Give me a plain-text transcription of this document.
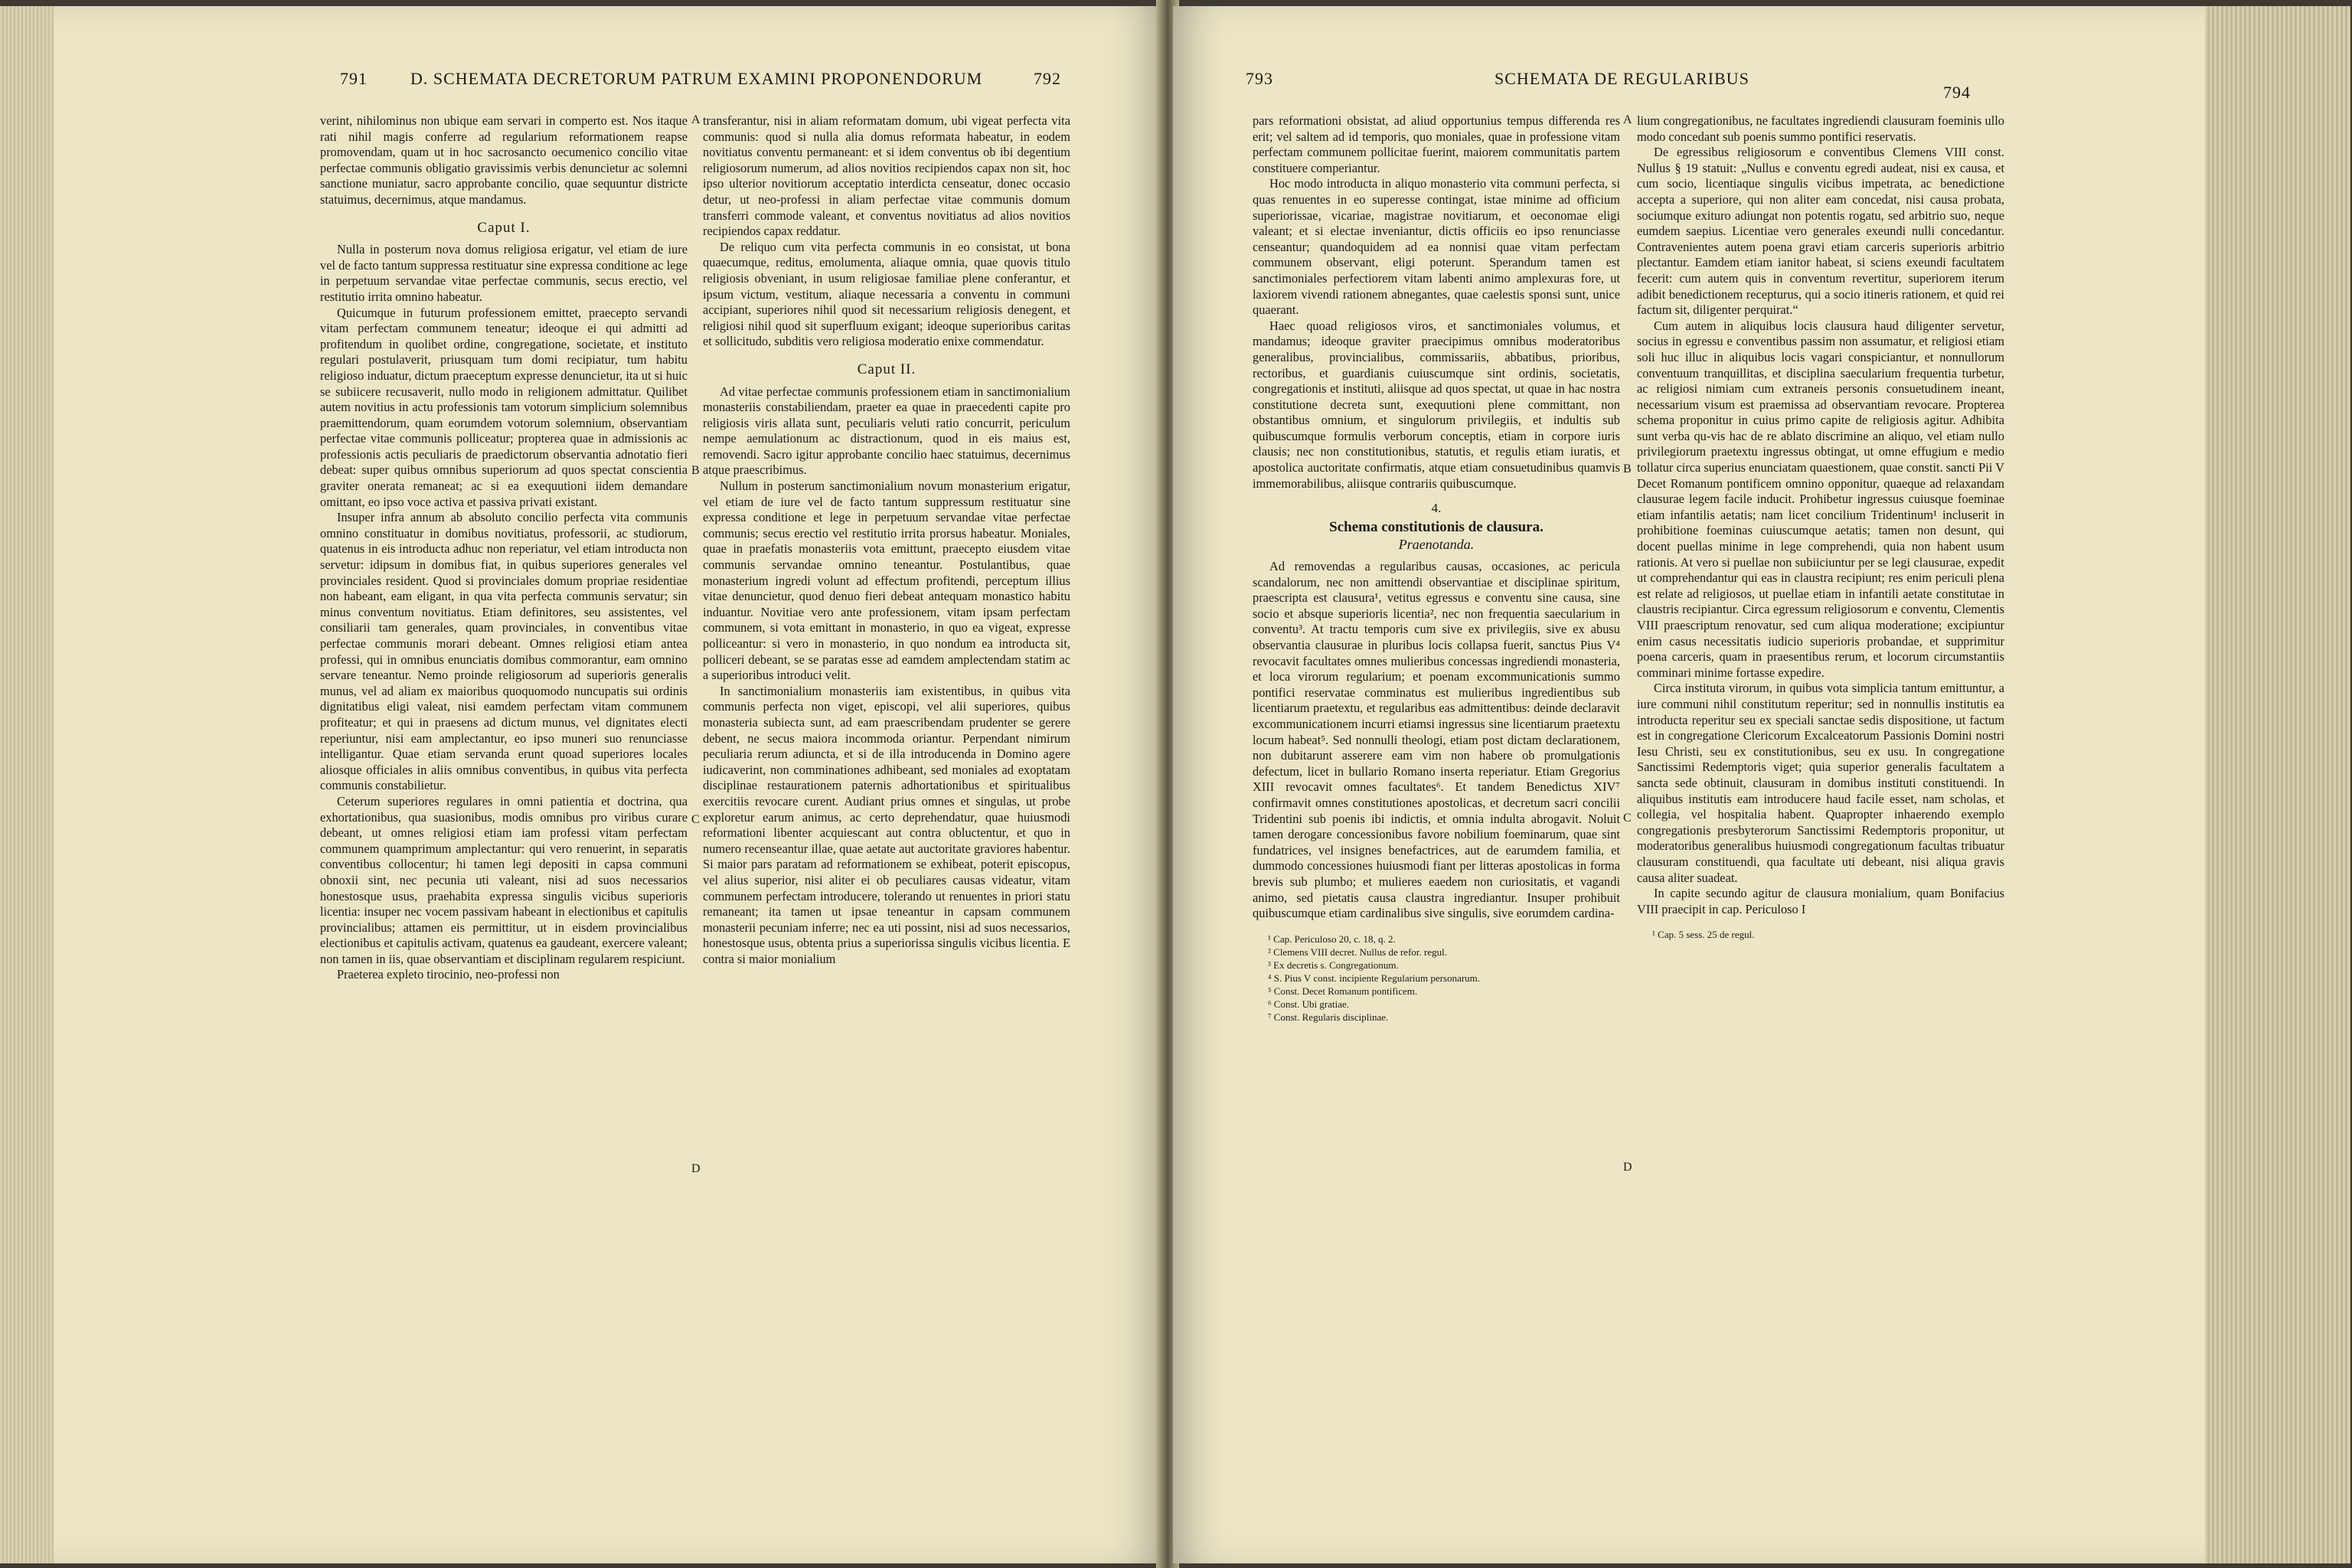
791	D. SCHEMATA DECRETORUM PATRUM EXAMINI PROPONENDORUM	792

verint, nihilominus non ubique eam servari in comperto est. Nos itaque rati nihil magis conferre ad regularium reformationem reapse promovendam, quam ut in hoc sacrosancto oecumenico concilio vitae perfectae communis obligatio gravissimis verbis denuncietur ac solemni sanctione muniatur, sacro approbante concilio, quae sequuntur districte statuimus, decernimus, atque mandamus.

Caput I.

Nulla in posterum nova domus religiosa erigatur, vel etiam de iure vel de facto tantum suppressa restituatur sine expressa conditione ac lege in perpetuum servandae vitae perfectae communis, secus erectio, vel restitutio irrita omnino habeatur.

Quicumque in futurum professionem emittet, praecepto servandi vitam perfectam communem teneatur; ideoque ei qui admitti ad profitendum in quolibet ordine, congregatione, societate, et instituto regulari postulaverit, priusquam tum domi recipiatur, tum habitu religioso induatur, dictum praeceptum expresse denuncietur, ita ut si huic se subiicere recusaverit, nullo modo in religionem admittatur. Quilibet autem novitius in actu professionis tam votorum simplicium solemnibus praemittendorum, quam eorumdem votorum solemnium, observantiam perfectae vitae communis polliceatur; propterea quae in admissionis ac professionis actis peculiaris de praedictorum observantia adnotatio fieri debeat: super quibus omnibus superiorum ad quos spectat conscientia graviter onerata remaneat; ac si ea exequutioni iidem demandare omittant, eo ipso voce activa et passiva privati existant.

Insuper infra annum ab absoluto concilio perfecta vita communis omnino constituatur in domibus novitiatus, professorii, ac studiorum, quatenus in eis introducta adhuc non reperiatur, vel etiam introducta non servetur: idipsum in domibus fiat, in quibus superiores generales vel provinciales resident. Quod si provinciales domum propriae residentiae non habeant, eam eligant, in qua vita perfecta communis servatur; sin minus conventum novitiatus. Etiam definitores, seu assistentes, vel consiliarii tam generales, quam provinciales, in conventibus vitae perfectae communis morari debeant. Omnes religiosi etiam antea professi, qui in omnibus enunciatis domibus commorantur, eam omnino servare teneantur. Nemo proinde religiosorum ad superioris generalis munus, vel ad aliam ex maioribus quoquomodo nuncupatis sui ordinis dignitatibus eligi valeat, nisi eamdem perfectam vitam communem profiteatur; et qui in praesens ad dictum munus, vel dignitates electi reperiuntur, nisi eam amplectantur, eo ipso muneri suo renunciasse intelligantur. Quae etiam servanda erunt quoad superiores locales aliosque officiales in aliis omnibus conventibus, in quibus vita perfecta communis constabilietur.

Ceterum superiores regulares in omni patientia et doctrina, qua exhortationibus, qua suasionibus, modis omnibus pro viribus curare debeant, ut omnes religiosi etiam iam professi vitam perfectam communem quamprimum amplectantur: qui vero renuerint, in separatis conventibus collocentur; hi tamen legi depositi in capsa communi obnoxii sint, nec pecunia uti valeant, nisi ad suos necessarios honestosque usus, praehabita expressa singulis vicibus superioris licentia: insuper nec vocem passivam habeant in electionibus et capitulis provincialibus; attamen eis permittitur, ut in eisdem provincialibus electionibus et capitulis activam, quatenus ea gaudeant, exercere valeant; non tamen in iis, quae observantiam et disciplinam regularem respiciunt.

Praeterea expleto tirocinio, neo-professi non

A
B
C
D

transferantur, nisi in aliam reformatam domum, ubi vigeat perfecta vita communis: quod si nulla alia domus reformata habeatur, in eodem novitiatus conventu permaneant: et si idem conventus ob ibi degentium religiosorum numerum, ad alios novitios recipiendos capax non sit, hoc ipso ulterior novitiorum acceptatio interdicta censeatur, donec occasio detur, ut neo-professi in aliam perfectae vitae communis domum transferri commode valeant, et conventus novitiatus ad alios novitios recipiendos capax reddatur.

De reliquo cum vita perfecta communis in eo consistat, ut bona quaecumque, reditus, emolumenta, aliaque omnia, quae quovis titulo religiosis obveniant, in usum religiosae familiae plene conferantur, et ipsum victum, vestitum, aliaque necessaria a conventu in communi accipiant, superiores nihil quod sit necessarium religiosis denegent, et religiosi nihil quod sit superfluum exigant; ideoque superioribus caritas et sollicitudo, subditis vero religiosa moderatio enixe commendatur.

Caput II.

Ad vitae perfectae communis professionem etiam in sanctimonialium monasteriis constabiliendam, praeter ea quae in praecedenti capite pro religiosis viris allata sunt, peculiaris veluti ratio concurrit, periculum nempe aemulationum ac distractionum, quod in eis maius est, removendi. Sacro igitur approbante concilio haec statuimus, decernimus atque praescribimus.

Nullum in posterum sanctimonialium novum monasterium erigatur, vel etiam de iure vel de facto tantum suppressum restituatur sine expressa conditione et lege in perpetuum servandae vitae perfectae communis; secus erectio vel restitutio irrita prorsus habeatur. Moniales, quae in praefatis monasteriis vota emittunt, praecepto eiusdem vitae communis servandae omnino teneantur. Postulantibus, quae monasterium ingredi volunt ad effectum profitendi, perceptum illius vitae denuncietur, quod denuo fieri debeat antequam monastico habitu induantur. Novitiae vero ante professionem, vitam ipsam perfectam communem, si vota emittant in monasterio, in quo ea vigeat, expresse polliceantur: si vero in monasterio, in quo nondum ea introducta sit, polliceri debeant, se se paratas esse ad eamdem amplectendam statim ac a superioribus introduci velit.

In sanctimonialium monasteriis iam existentibus, in quibus vita communis perfecta non viget, episcopi, vel alii superiores, quibus monasteria subiecta sunt, ad eam praescribendam prudenter se gerere debent, ne secus maiora incommoda oriantur. Perpendant nimirum peculiaria rerum adiuncta, et si de illa introducenda in Domino agere iudicaverint, non comminationes adhibeant, sed moniales ad exoptatam disciplinae restaurationem paternis adhortationibus et spiritualibus exercitiis revocare curent. Audiant prius omnes et singulas, ut probe exploretur earum animus, ac certo deprehendatur, quae huiusmodi reformationi libenter acquiescant aut contra obluctentur, et quo in numero recenseantur illae, quae aetate aut auctoritate graviores habentur. Si maior pars paratam ad reformationem se exhibeat, poterit episcopus, vel alius superior, nisi aliter ei ob peculiares causas videatur, vitam communem perfectam introducere, tolerando ut renuentes in priori statu remaneant; ita tamen ut ipsae teneantur in capsam communem monasterii pecuniam inferre; nec ea uti possint, nisi ad suos necessarios, honestosque usus, obtenta prius a superiorissa singulis vicibus licentia. E contra si maior monialium

793	SCHEMATA DE REGULARIBUS
794

pars reformationi obsistat, ad aliud opportunius tempus differenda res erit; vel saltem ad id temporis, quo moniales, quae in professione vitam perfectam communem pollicitae fuerint, maiorem communitatis partem constituere comperiantur.

Hoc modo introducta in aliquo monasterio vita communi perfecta, si quas renuentes in eo superesse contingat, istae minime ad officium superiorissae, vicariae, magistrae novitiarum, et oeconomae eligi valeant; et si electae inveniantur, dictis officiis eo ipso renunciasse censeantur; quandoquidem ad ea nonnisi quae vitam perfectam communem observant, eligi poterunt. Sperandum tamen est sanctimoniales perfectiorem vitam labenti animo amplexuras fore, ut laxiorem vivendi rationem abnegantes, quae caelestis sponsi sunt, unice quaerant.

Haec quoad religiosos viros, et sanctimoniales volumus, et mandamus; ideoque graviter praecipimus omnibus moderatoribus generalibus, provincialibus, commissariis, abbatibus, prioribus, rectoribus, et guardianis cuiuscumque sint ordinis, societatis, congregationis et instituti, aliisque ad quos spectat, ut quae in hac nostra constitutione decreta sunt, exequutioni plene committant, non obstantibus omnium, et singulorum privilegiis, et indultis sub quibuscumque formulis verborum conceptis, etiam in corpore iuris clausis; nec non constitutionibus, statutis, et regulis etiam iuratis, et apostolica auctoritate confirmatis, atque etiam consuetudinibus quamvis immemorabilibus, aliisque contrariis quibuscumque.

4.
Schema constitutionis de clausura.
Praenotanda.

Ad removendas a regularibus causas, occasiones, ac pericula scandalorum, nec non amittendi observantiae et disciplinae spiritum, praescripta est clausura¹, vetitus egressus e conventu sine causa, sine socio et absque superioris licentia², nec non frequentia saecularium in conventu³. At tractu temporis cum sive ex privilegiis, sive ex abusu observantia clausurae in pluribus locis collapsa fuerit, sanctus Pius V⁴ revocavit facultates omnes mulieribus concessas ingrediendi monasteria, et loca virorum regularium; et poenam excommunicationis summo pontifici reservatae comminatus est mulieribus ingredientibus sub licentiarum praetextu, et regularibus eas admittentibus: deinde declaravit excommunicationem incurri etiamsi ingressus sine licentiarum praetextu locum habeat⁵. Sed nonnulli theologi, etiam post dictam declarationem, non dubitarunt asserere eam vim non habere ob promulgationis defectum, licet in bullario Romano inserta reperiatur. Etiam Gregorius XIII revocavit omnes facultates⁶. Et tandem Benedictus XIV⁷ confirmavit omnes constitutiones apostolicas, et decretum sacri concilii Tridentini sub poenis ibi indictis, et omnia indulta abrogavit. Noluit tamen derogare concessionibus favore nobilium foeminarum, quae sint fundatrices, vel insignes benefactrices, aut de earumdem familia, et dummodo concessiones huiusmodi fiant per litteras apostolicas in forma brevis sub plumbo; et mulieres eaedem non curiositatis, et vagandi animo, sed pietatis causa claustra ingrediantur. Insuper prohibuit quibuscumque etiam cardinalibus sive singulis, sive eorumdem cardina-

¹ Cap. Periculoso 20, c. 18, q. 2.
² Clemens VIII decret. Nullus de refor. regul.
³ Ex decretis s. Congregationum.
⁴ S. Pius V const. incipiente Regularium personarum.
⁵ Const. Decet Romanum pontificem.
⁶ Const. Ubi gratiae.
⁷ Const. Regularis disciplinae.
A
B
C
D

lium congregationibus, ne facultates ingrediendi clausuram foeminis ullo modo concedant sub poenis summo pontifici reservatis.

De egressibus religiosorum e conventibus Clemens VIII const. Nullus § 19 statuit: „Nullus e conventu egredi audeat, nisi ex causa, et cum socio, licentiaque singulis vicibus impetrata, ac benedictione accepta a superiore, qui non aliter eam concedat, nisi causa probata, sociumque exituro adiungat non potentis rogatu, sed arbitrio suo, neque eumdem saepius. Licentiae vero generales exeundi nulli concedantur. Contravenientes autem poena gravi etiam carceris superioris arbitrio plectantur. Eamdem etiam ianitor habeat, si sciens exeundi facultatem fecerit: cum autem quis in conventum revertitur, superiorem iterum adibit benedictionem recepturus, qui a socio itineris rationem, et quid rei factum sit, diligenter perquirat.“

Cum autem in aliquibus locis clausura haud diligenter servetur, socius in egressu e conventibus passim non assumatur, et religiosi etiam soli huc illuc in aliquibus locis vagari conspiciantur, et nonnullorum conventuum tranquillitas, et disciplina saecularium frequentia turbetur, ac religiosi nimiam cum extraneis personis consuetudinem ineant, necessarium visum est praemissa ad observantiam revocare. Propterea schema proponitur in cuius primo capite de religiosis agitur. Adhibita sunt verba qu-vis hac de re ablato discrimine an aliquo, vel etiam nullo privilegiorum praetextu ingressus obtingat, ut omne effugium e medio tollatur circa superius enunciatam quaestionem, quae constit. sancti Pii V Decet Romanum pontificem omnino opponitur, quaeque ad relaxandam clausurae legem facile inducit. Prohibetur ingressus cuiusque foeminae etiam infantilis aetatis; nam licet concilium Tridentinum¹ incluserit in prohibitione foeminas cuiuscumque aetatis; tamen non desunt, qui docent puellas minime in lege comprehendi, quia non habent usum rationis. At vero si puellae non subiiciuntur per se legi clausurae, expedit ut comprehendantur qui eas in claustra recipiunt; res enim periculi plena est relate ad religiosos, ut puellae etiam in infantili aetate constitutae in claustris recipiantur. Circa egressum religiosorum e conventu, Clementis VIII praescriptum renovatur, sed cum aliqua moderatione; excipiuntur enim casus necessitatis iudicio superioris probandae, et supprimitur poena carceris, quam in praesentibus rerum, et locorum circumstantiis comminari minime fortasse expedire.

Circa instituta virorum, in quibus vota simplicia tantum emittuntur, a iure communi nihil constitutum reperitur; sed in nonnullis institutis ea introducta reperitur seu ex speciali sanctae sedis dispositione, ut factum est in congregatione Clericorum Excalceatorum Passionis Domini nostri Iesu Christi, seu ex constitutionibus, seu ex usu. In congregatione Sanctissimi Redemptoris viget; quia superior generalis facultatem a sancta sede obtinuit, clausuram in domibus instituti constituendi. In aliquibus institutis eam introducere haud facile esset, nam scholas, et collegia, vel hospitalia habent. Quapropter inhaerendo exemplo congregationis presbyterorum Sanctissimi Redemptoris proponitur, ut moderatoribus generalibus huiusmodi congregationum facultas tribuatur clausuram constituendi, qua facultate uti debeant, nisi aliqua gravis causa aliter suadeat.

In capite secundo agitur de clausura monialium, quam Bonifacius VIII praecipit in cap. Periculoso I

¹ Cap. 5 sess. 25 de regul.
